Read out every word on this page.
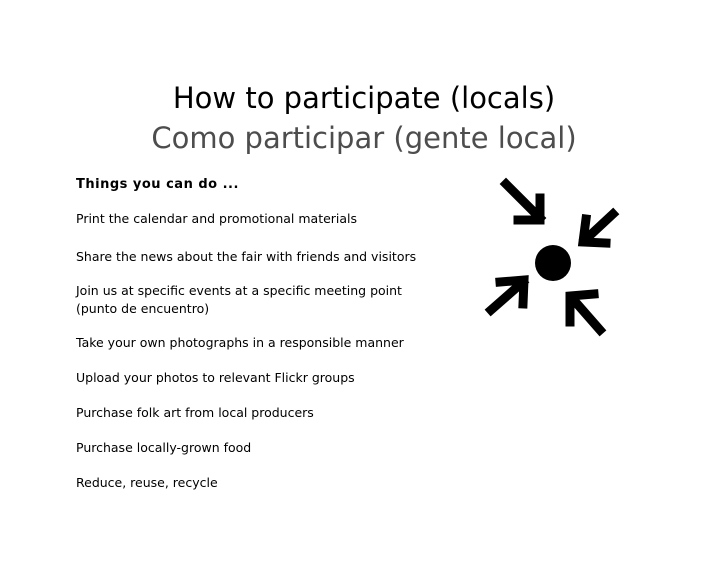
How to participate (locals)
Como participar (gente local)
Things you can do ...
Print the calendar and promotional materials
Share the news about the fair with friends and visitors
Join us at specific events at a specific meeting point
(punto de encuentro)
Take your own photographs in a responsible manner
Upload your photos to relevant Flickr groups
Purchase folk art from local producers
Purchase locally-grown food
Reduce, reuse, recycle
